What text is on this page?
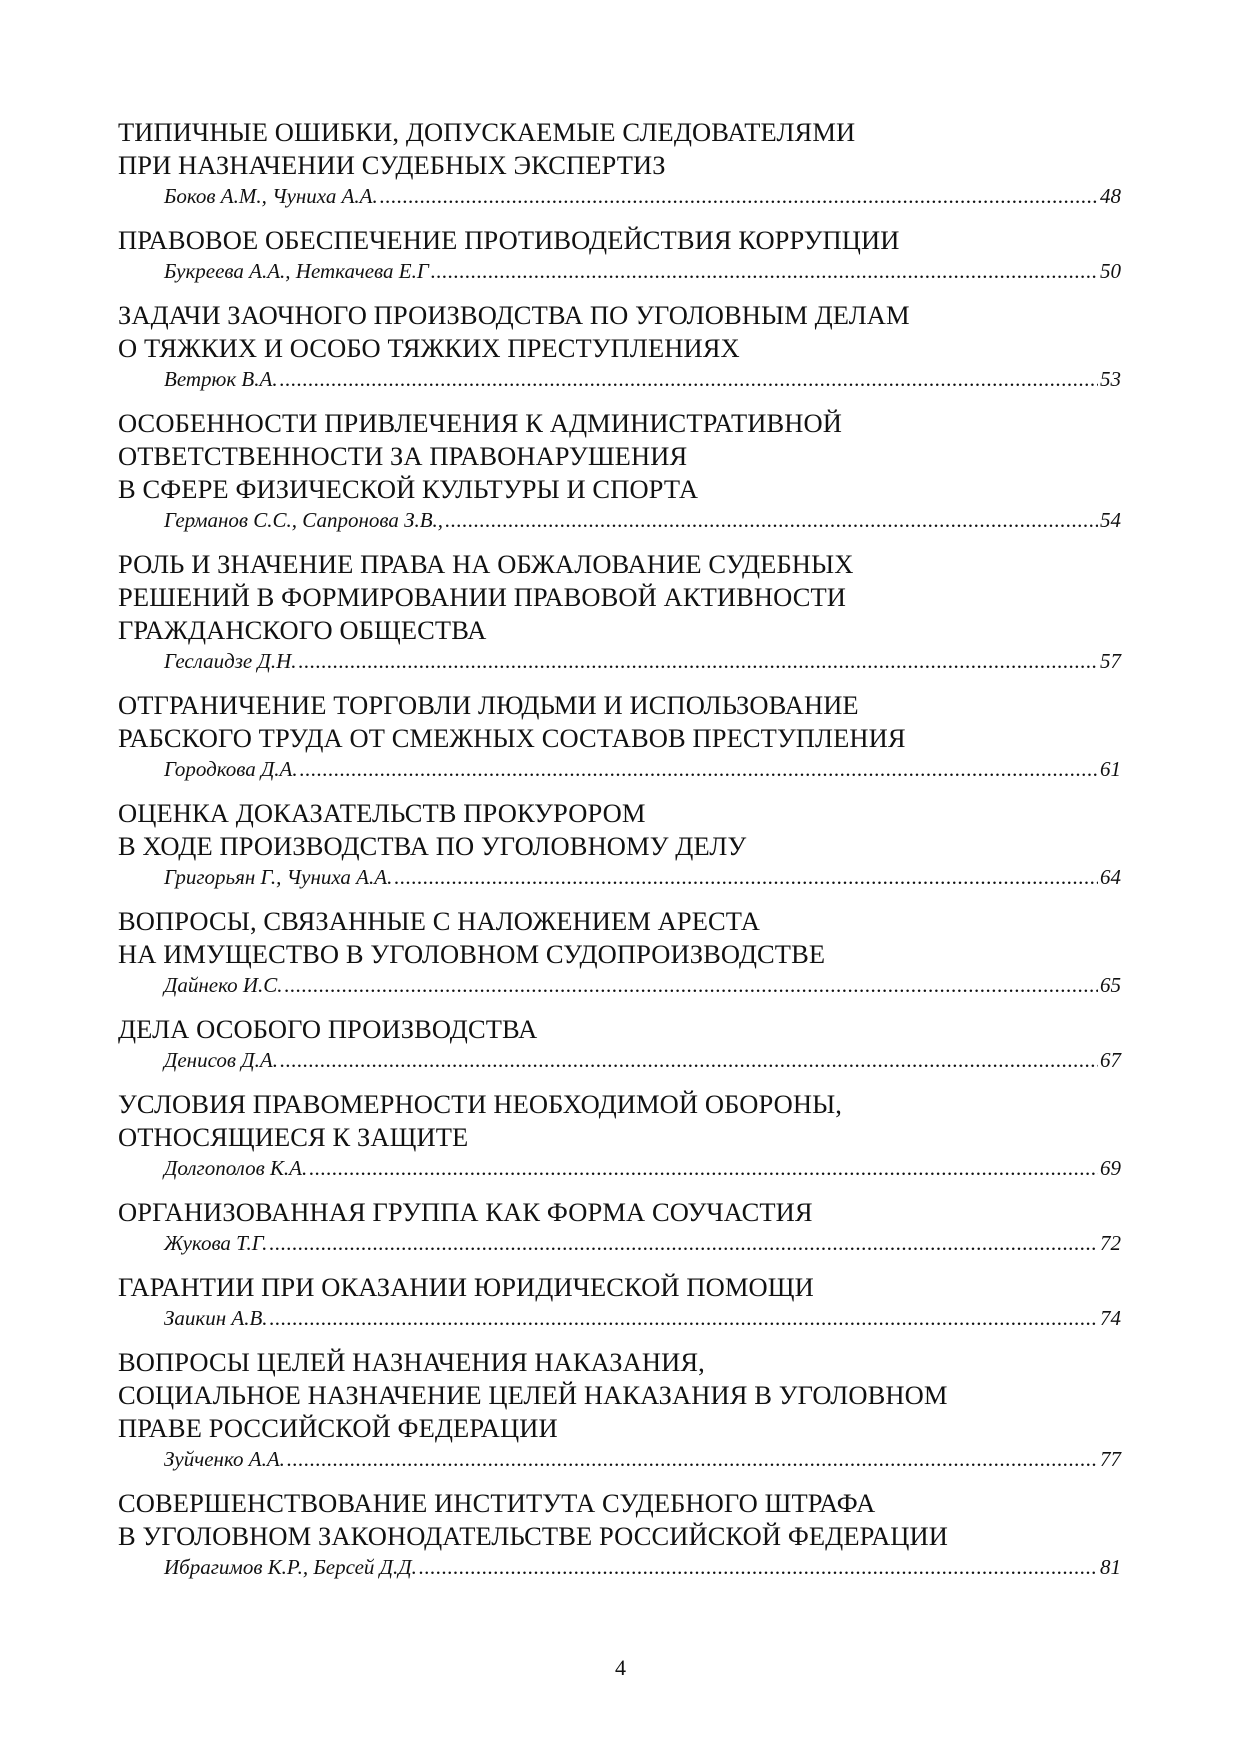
ТИПИЧНЫЕ ОШИБКИ, ДОПУСКАЕМЫЕ СЛЕДОВАТЕЛЯМИ
ПРИ НАЗНАЧЕНИИ СУДЕБНЫХ ЭКСПЕРТИЗ
Боков А.М., Чуниха А.А. .....	48
ПРАВОВОЕ ОБЕСПЕЧЕНИЕ ПРОТИВОДЕЙСТВИЯ КОРРУПЦИИ
Букреева А.А., Неткачева Е.Г .....	50
ЗАДАЧИ ЗАОЧНОГО ПРОИЗВОДСТВА ПО УГОЛОВНЫМ ДЕЛАМ
О ТЯЖКИХ И ОСОБО ТЯЖКИХ ПРЕСТУПЛЕНИЯХ
Ветрюк В.А. .....	53
ОСОБЕННОСТИ ПРИВЛЕЧЕНИЯ К АДМИНИСТРАТИВНОЙ
ОТВЕТСТВЕННОСТИ ЗА ПРАВОНАРУШЕНИЯ
В СФЕРЕ ФИЗИЧЕСКОЙ КУЛЬТУРЫ И СПОРТА
Германов С.С., Сапронова З.В., .....	54
РОЛЬ И ЗНАЧЕНИЕ ПРАВА НА ОБЖАЛОВАНИЕ СУДЕБНЫХ
РЕШЕНИЙ В ФОРМИРОВАНИИ ПРАВОВОЙ АКТИВНОСТИ
ГРАЖДАНСКОГО ОБЩЕСТВА
Геслаидзе Д.Н. .....	57
ОТГРАНИЧЕНИЕ ТОРГОВЛИ ЛЮДЬМИ И ИСПОЛЬЗОВАНИЕ
РАБСКОГО ТРУДА ОТ СМЕЖНЫХ СОСТАВОВ ПРЕСТУПЛЕНИЯ
Городкова Д.А. .....	61
ОЦЕНКА ДОКАЗАТЕЛЬСТВ ПРОКУРОРОМ
В ХОДЕ ПРОИЗВОДСТВА ПО УГОЛОВНОМУ ДЕЛУ
Григорьян Г., Чуниха А.А. .....	64
ВОПРОСЫ, СВЯЗАННЫЕ С НАЛОЖЕНИЕМ АРЕСТА
НА ИМУЩЕСТВО В УГОЛОВНОМ СУДОПРОИЗВОДСТВЕ
Дайнеко И.С. .....	65
ДЕЛА ОСОБОГО ПРОИЗВОДСТВА
Денисов Д.А. .....	67
УСЛОВИЯ ПРАВОМЕРНОСТИ НЕОБХОДИМОЙ ОБОРОНЫ,
ОТНОСЯЩИЕСЯ К ЗАЩИТЕ
Долгополов К.А. .....	69
ОРГАНИЗОВАННАЯ ГРУППА КАК ФОРМА СОУЧАСТИЯ
Жукова Т.Г. .....	72
ГАРАНТИИ ПРИ ОКАЗАНИИ ЮРИДИЧЕСКОЙ ПОМОЩИ
Заикин А.В. .....	74
ВОПРОСЫ ЦЕЛЕЙ НАЗНАЧЕНИЯ НАКАЗАНИЯ,
СОЦИАЛЬНОЕ НАЗНАЧЕНИЕ ЦЕЛЕЙ НАКАЗАНИЯ В УГОЛОВНОМ
ПРАВЕ РОССИЙСКОЙ ФЕДЕРАЦИИ
Зуйченко А.А. .....	77
СОВЕРШЕНСТВОВАНИЕ ИНСТИТУТА СУДЕБНОГО ШТРАФА
В УГОЛОВНОМ ЗАКОНОДАТЕЛЬСТВЕ РОССИЙСКОЙ ФЕДЕРАЦИИ
Ибрагимов К.Р., Берсей Д.Д. .....	81
4
